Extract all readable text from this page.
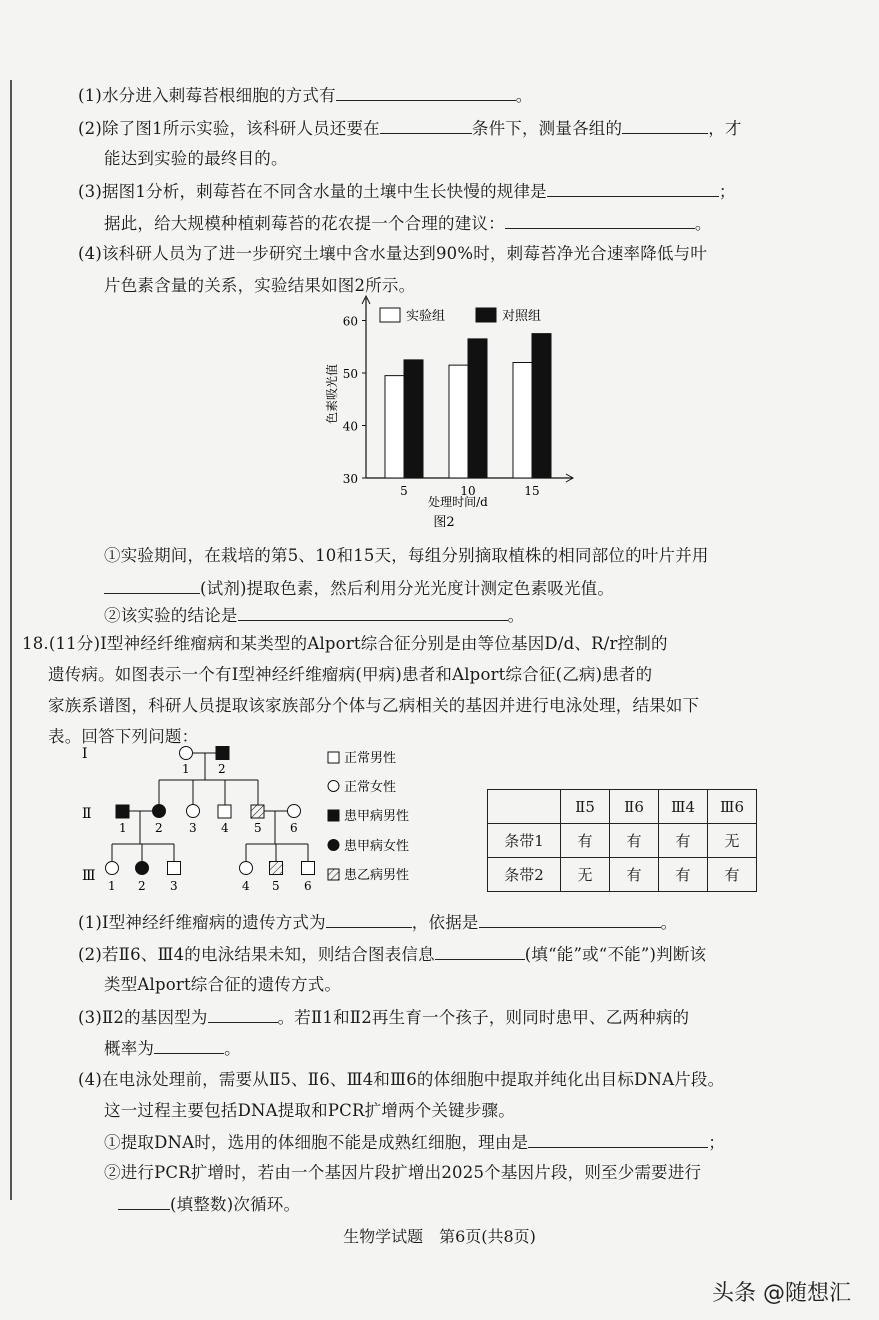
(1)水分进入刺莓苔根细胞的方式有	。
(2)除了图1所示实验，该科研人员还要在	条件下，测量各组的	，才
能达到实验的最终目的。
(3)据图1分析，刺莓苔在不同含水量的土壤中生长快慢的规律是	；
据此，给大规模种植刺莓苔的花农提一个合理的建议：	。
(4)该科研人员为了进一步研究土壤中含水量达到90%时，刺莓苔净光合速率降低与叶
片色素含量的关系，实验结果如图2所示。
30
40
50
60
5	10	15
实验组	对照组
处理时间/d
色素吸光值
图2
①实验期间，在栽培的第5、10和15天，每组分别摘取植株的相同部位的叶片并用
(试剂)提取色素，然后利用分光光度计测定色素吸光值。
②该实验的结论是	。
18.(11分)Ⅰ型神经纤维瘤病和某类型的Alport综合征分别是由等位基因D/d、R/r控制的
遗传病。如图表示一个有Ⅰ型神经纤维瘤病(甲病)患者和Alport综合征(乙病)患者的
家族系谱图，科研人员提取该家族部分个体与乙病相关的基因并进行电泳处理，结果如下
表。回答下列问题：
Ⅰ
Ⅱ
Ⅲ
1 2
1 2 3 4 5 6
1 2 3	4 5 6
正常男性
正常女性
患甲病男性
患甲病女性
患乙病男性
	Ⅱ5	Ⅱ6	Ⅲ4	Ⅲ6
条带1	有	有	有	无
条带2	无	有	有	有
(1)Ⅰ型神经纤维瘤病的遗传方式为	，依据是	。
(2)若Ⅱ6、Ⅲ4的电泳结果未知，则结合图表信息	(填“能”或“不能”)判断该
类型Alport综合征的遗传方式。
(3)Ⅱ2的基因型为	。若Ⅱ1和Ⅱ2再生育一个孩子，则同时患甲、乙两种病的
概率为	。
(4)在电泳处理前，需要从Ⅱ5、Ⅱ6、Ⅲ4和Ⅲ6的体细胞中提取并纯化出目标DNA片段。
这一过程主要包括DNA提取和PCR扩增两个关键步骤。
①提取DNA时，选用的体细胞不能是成熟红细胞，理由是	；
②进行PCR扩增时，若由一个基因片段扩增出2025个基因片段，则至少需要进行
(填整数)次循环。
生物学试题　第6页(共8页)
头条 @随想汇
